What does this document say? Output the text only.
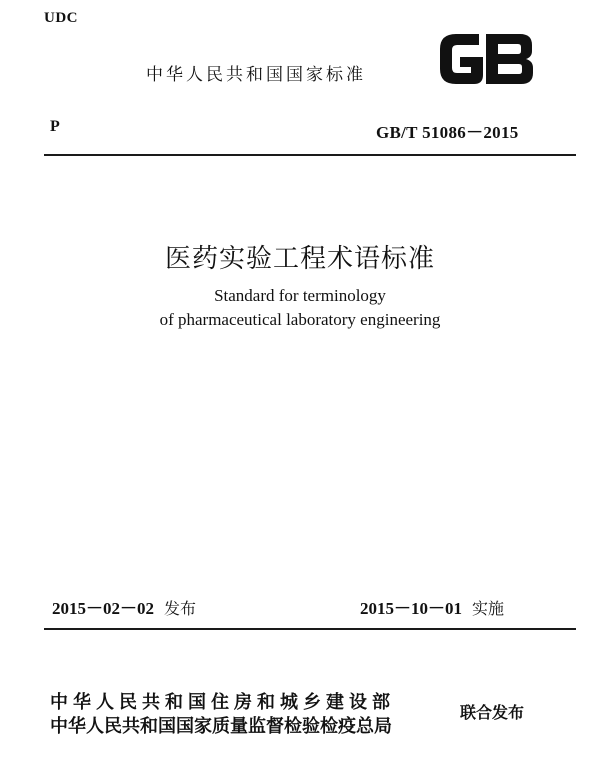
UDC
中华人民共和国国家标准
P	GB/T 51086－2015
医药实验工程术语标准
Standard for terminology
of pharmaceutical laboratory engineering
2015－02－02 发布	2015－10－01 实施
中华人民共和国住房和城乡建设部
中华人民共和国国家质量监督检验检疫总局
联合发布
